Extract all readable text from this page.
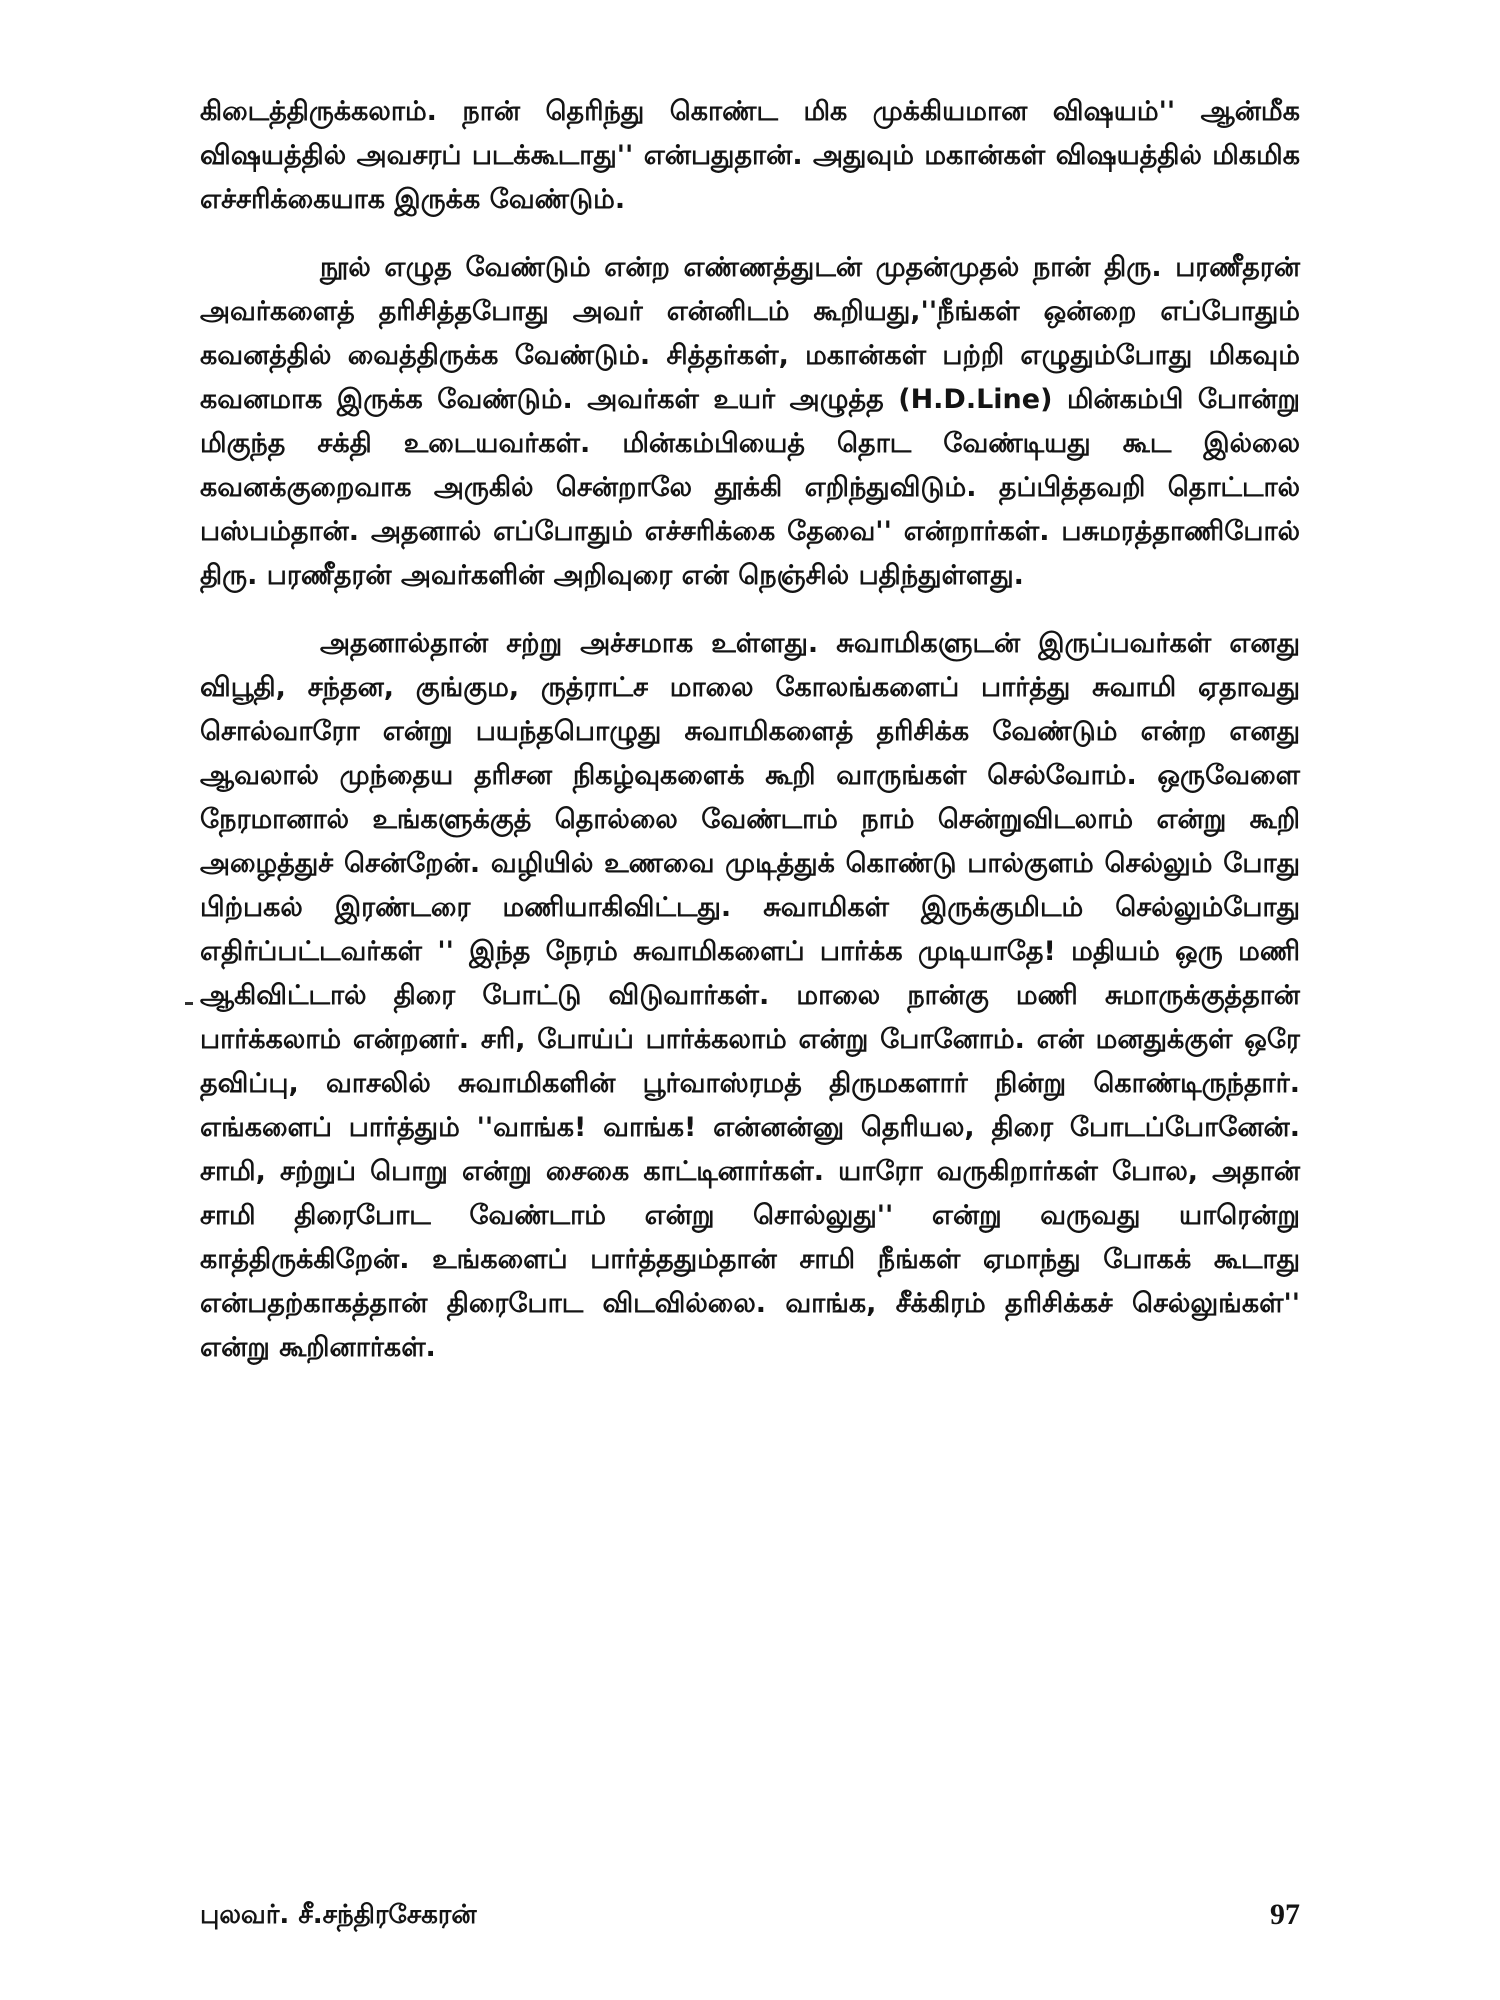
கிடைத்திருக்கலாம். நான் தெரிந்து கொண்ட மிக முக்கியமான விஷயம்'' ஆன்மீக விஷயத்தில் அவசரப் படக்கூடாது'' என்பதுதான். அதுவும் மகான்கள் விஷயத்தில் மிகமிக எச்சரிக்கையாக இருக்க வேண்டும்.

நூல் எழுத வேண்டும் என்ற எண்ணத்துடன் முதன்முதல் நான் திரு. பரணீதரன் அவர்களைத் தரிசித்தபோது அவர் என்னிடம் கூறியது,''நீங்கள் ஒன்றை எப்போதும் கவனத்தில் வைத்திருக்க வேண்டும். சித்தர்கள், மகான்கள் பற்றி எழுதும்போது மிகவும் கவனமாக இருக்க வேண்டும். அவர்கள் உயர் அழுத்த (H.D.Line) மின்கம்பி போன்று மிகுந்த சக்தி உடையவர்கள். மின்கம்பியைத் தொட வேண்டியது கூட இல்லை கவனக்குறைவாக அருகில் சென்றாலே தூக்கி எறிந்துவிடும். தப்பித்தவறி தொட்டால் பஸ்பம்தான். அதனால் எப்போதும் எச்சரிக்கை தேவை'' என்றார்கள். பசுமரத்தாணிபோல் திரு. பரணீதரன் அவர்களின் அறிவுரை என் நெஞ்சில் பதிந்துள்ளது.

அதனால்தான் சற்று அச்சமாக உள்ளது. சுவாமிகளுடன் இருப்பவர்கள் எனது விபூதி, சந்தன, குங்கும, ருத்ராட்ச மாலை கோலங்களைப் பார்த்து சுவாமி ஏதாவது சொல்வாரோ என்று பயந்தபொழுது சுவாமிகளைத் தரிசிக்க வேண்டும் என்ற எனது ஆவலால் முந்தைய தரிசன நிகழ்வுகளைக் கூறி வாருங்கள் செல்வோம். ஒருவேளை நேரமானால் உங்களுக்குத் தொல்லை வேண்டாம் நாம் சென்றுவிடலாம் என்று கூறி அழைத்துச் சென்றேன். வழியில் உணவை முடித்துக் கொண்டு பால்குளம் செல்லும் போது பிற்பகல் இரண்டரை மணியாகிவிட்டது. சுவாமிகள் இருக்குமிடம் செல்லும்போது எதிர்ப்பட்டவர்கள் '' இந்த நேரம் சுவாமிகளைப் பார்க்க முடியாதே! மதியம் ஒரு மணி ஆகிவிட்டால் திரை போட்டு விடுவார்கள். மாலை நான்கு மணி சுமாருக்குத்தான் பார்க்கலாம் என்றனர். சரி, போய்ப் பார்க்கலாம் என்று போனோம். என் மனதுக்குள் ஒரே தவிப்பு, வாசலில் சுவாமிகளின் பூர்வாஸ்ரமத் திருமகளார் நின்று கொண்டிருந்தார். எங்களைப் பார்த்தும் ''வாங்க! வாங்க! என்னன்னு தெரியல, திரை போடப்போனேன். சாமி, சற்றுப் பொறு என்று சைகை காட்டினார்கள். யாரோ வருகிறார்கள் போல, அதான் சாமி திரைபோட வேண்டாம் என்று சொல்லுது'' என்று வருவது யாரென்று காத்திருக்கிறேன். உங்களைப் பார்த்ததும்தான் சாமி நீங்கள் ஏமாந்து போகக் கூடாது என்பதற்காகத்தான் திரைபோட விடவில்லை. வாங்க, சீக்கிரம் தரிசிக்கச் செல்லுங்கள்'' என்று கூறினார்கள்.

புலவர். சீ.சந்திரசேகரன்	97
